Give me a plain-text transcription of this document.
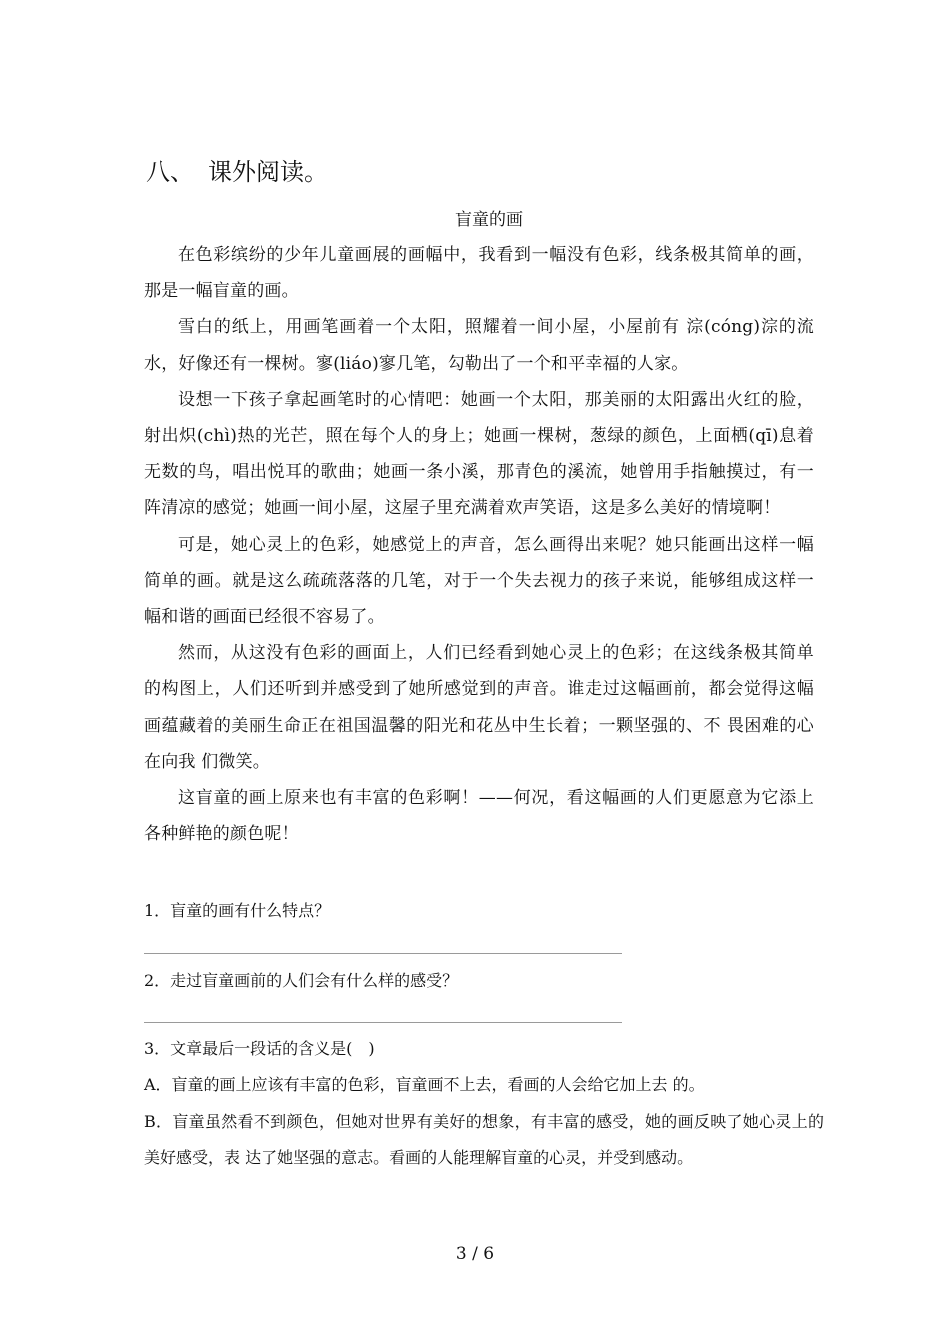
八、 课外阅读。

盲童的画

在色彩缤纷的少年儿童画展的画幅中，我看到一幅没有色彩，线条极其简单的画，那是一幅盲童的画。

雪白的纸上，用画笔画着一个太阳，照耀着一间小屋，小屋前有 淙(cóng)淙的流水，好像还有一棵树。寥(liáo)寥几笔，勾勒出了一个和平幸福的人家。

设想一下孩子拿起画笔时的心情吧：她画一个太阳，那美丽的太阳露出火红的脸，射出炽(chì)热的光芒，照在每个人的身上；她画一棵树，葱绿的颜色，上面栖(qī)息着无数的鸟，唱出悦耳的歌曲；她画一条小溪，那青色的溪流，她曾用手指触摸过，有一阵清凉的感觉；她画一间小屋，这屋子里充满着欢声笑语，这是多么美好的情境啊！

可是，她心灵上的色彩，她感觉上的声音，怎么画得出来呢？她只能画出这样一幅简单的画。就是这么疏疏落落的几笔，对于一个失去视力的孩子来说，能够组成这样一幅和谐的画面已经很不容易了。

然而，从这没有色彩的画面上，人们已经看到她心灵上的色彩；在这线条极其简单的构图上，人们还听到并感受到了她所感觉到的声音。谁走过这幅画前，都会觉得这幅画蕴藏着的美丽生命正在祖国温馨的阳光和花丛中生长着；一颗坚强的、不 畏困难的心在向我 们微笑。

这盲童的画上原来也有丰富的色彩啊！——何况，看这幅画的人们更愿意为它添上各种鲜艳的颜色呢！

1．盲童的画有什么特点？

2．走过盲童画前的人们会有什么样的感受？

3．文章最后一段话的含义是(　)

A．盲童的画上应该有丰富的色彩，盲童画不上去，看画的人会给它加上去 的。

B．盲童虽然看不到颜色，但她对世界有美好的想象，有丰富的感受，她的画反映了她心灵上的美好感受，表 达了她坚强的意志。看画的人能理解盲童的心灵，并受到感动。

3 / 6
